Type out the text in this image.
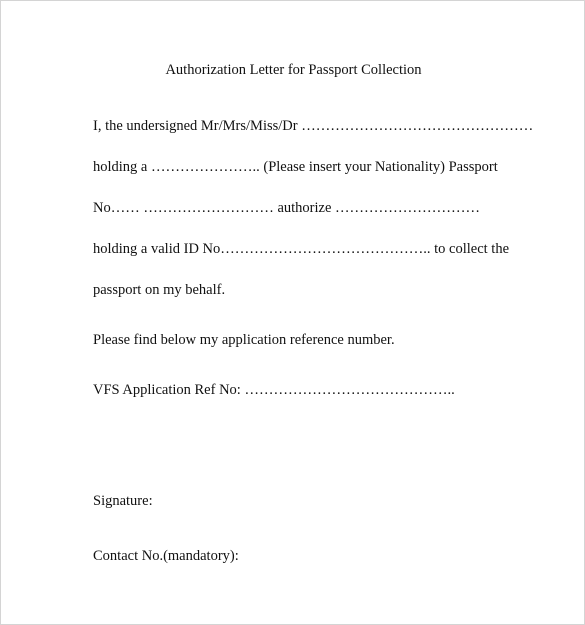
Authorization Letter for Passport Collection
I, the undersigned Mr/Mrs/Miss/Dr …………………………………………
holding a ………………….. (Please insert your Nationality) Passport
No…… ……………………… authorize …………………………
holding a valid ID No…………………………………….. to collect the
passport on my behalf.
Please find below my application reference number.
VFS Application Ref No: ……………………………………..
Signature:
Contact No.(mandatory):
